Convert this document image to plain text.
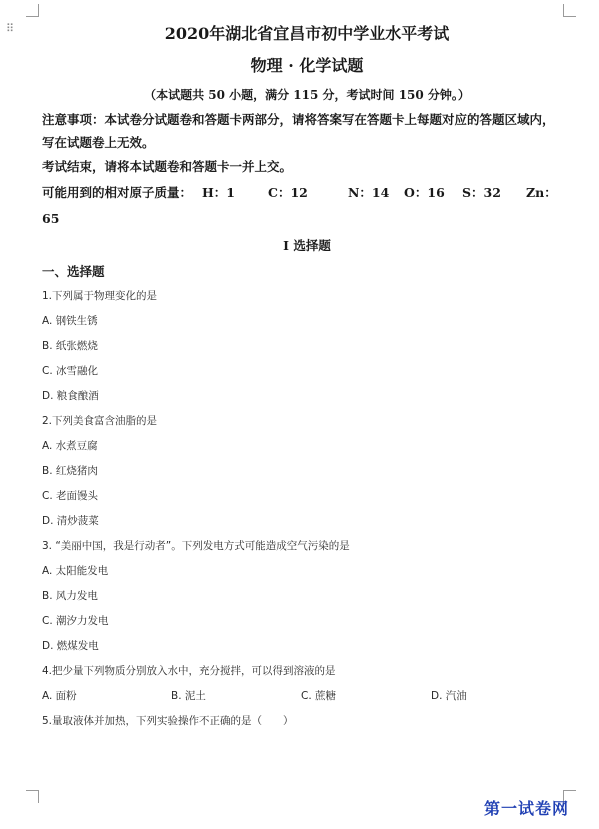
⠿	2020年湖北省宜昌市初中学业水平考试
物理 · 化学试题
（本试题共 50 小题，满分 115 分，考试时间 150 分钟。）
注意事项：本试卷分试题卷和答题卡两部分，请将答案写在答题卡上每题对应的答题区域内，
写在试题卷上无效。
考试结束，请将本试题卷和答题卡一并上交。
可能用到的相对原子质量： H：1	C：12	N：14 O：16 S：32 Zn：
65
I 选择题
一、选择题
1.下列属于物理变化的是
A. 钢铁生锈
B. 纸张燃烧
C. 冰雪融化
D. 粮食酿酒
2.下列美食富含油脂的是
A. 水煮豆腐
B. 红烧猪肉
C. 老面馒头
D. 清炒菠菜
3. “美丽中国，我是行动者”。下列发电方式可能造成空气污染的是
A. 太阳能发电
B. 风力发电
C. 潮汐力发电
D. 燃煤发电
4.把少量下列物质分别放入水中，充分搅拌，可以得到溶液的是
A. 面粉	B. 泥土	C. 蔗糖	D. 汽油
5.量取液体并加热，下列实验操作不正确的是（　　）
第一试卷网
